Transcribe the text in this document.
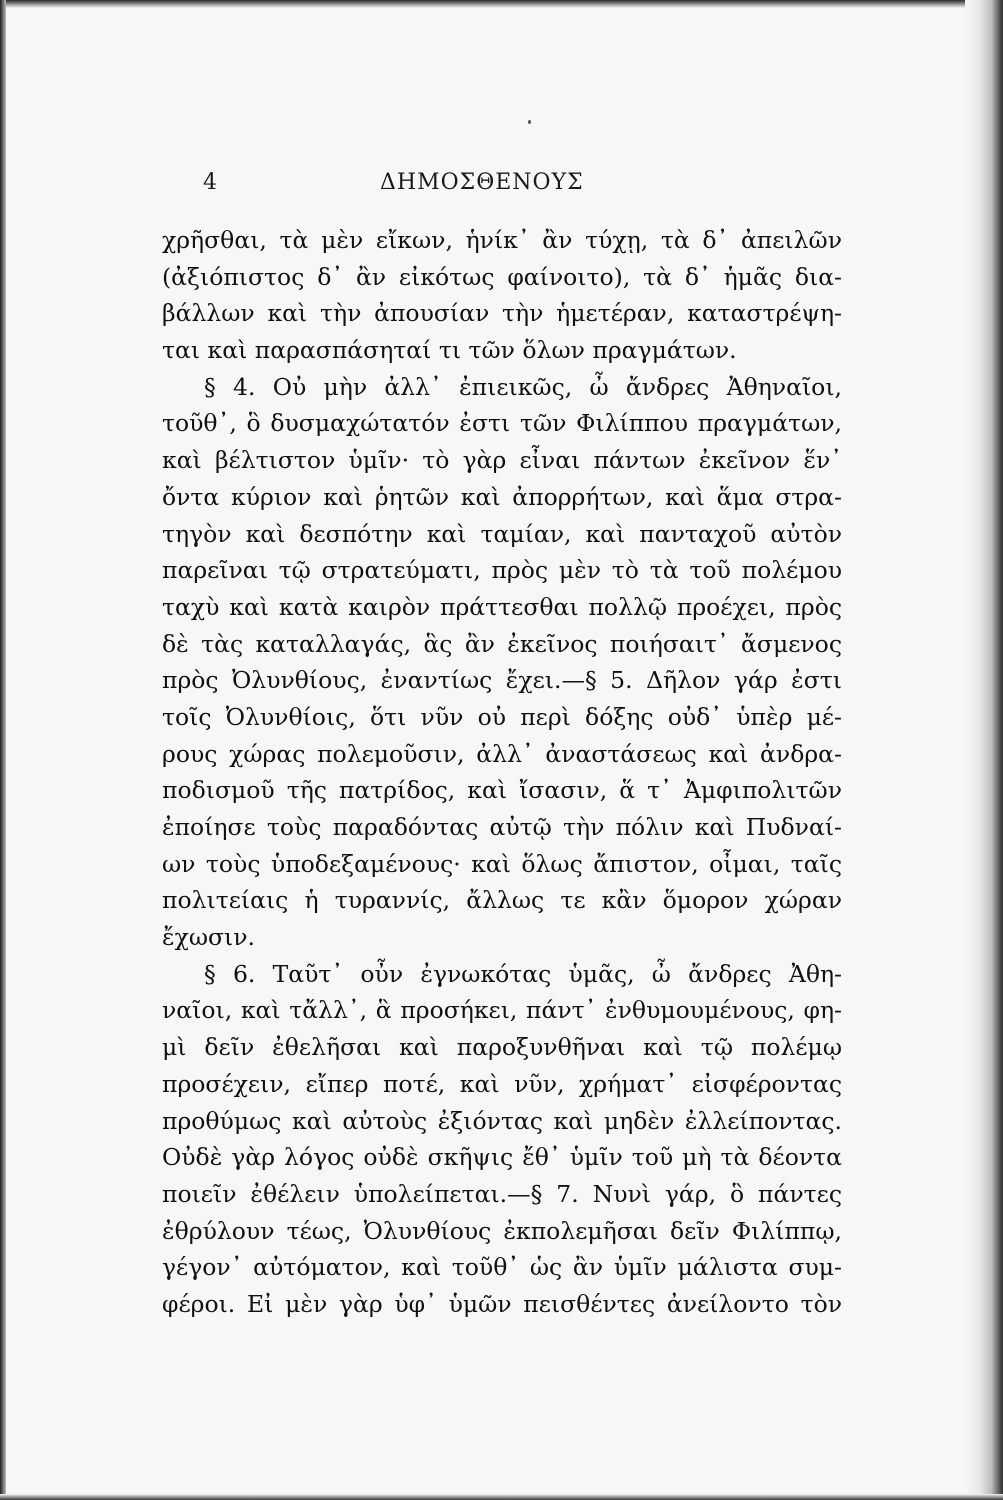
4	ΔΗΜΟΣΘΕΝΟΥΣ
χρῆσθαι, τὰ μὲν εἴκων, ἡνίκ᾽ ἂν τύχῃ, τὰ δ᾽ ἀπειλῶν
(ἀξιόπιστος δ᾽ ἂν εἰκότως φαίνοιτο), τὰ δ᾽ ἡμᾶς δια-
βάλλων καὶ τὴν ἀπουσίαν τὴν ἡμετέραν, καταστρέψη-
ται καὶ παρασπάσηταί τι τῶν ὅλων πραγμάτων.
§ 4. Οὐ μὴν ἀλλ᾽ ἐπιεικῶς, ὦ ἄνδρες Ἀθηναῖοι,
τοῦθ᾽, ὃ δυσμαχώτατόν ἐστι τῶν Φιλίππου πραγμάτων,
καὶ βέλτιστον ὑμῖν· τὸ γὰρ εἶναι πάντων ἐκεῖνον ἕν᾽
ὄντα κύριον καὶ ῥητῶν καὶ ἀπορρήτων, καὶ ἅμα στρα-
τηγὸν καὶ δεσπότην καὶ ταμίαν, καὶ πανταχοῦ αὐτὸν
παρεῖναι τῷ στρατεύματι, πρὸς μὲν τὸ τὰ τοῦ πολέμου
ταχὺ καὶ κατὰ καιρὸν πράττεσθαι πολλῷ προέχει, πρὸς
δὲ τὰς καταλλαγάς, ἃς ἂν ἐκεῖνος ποιήσαιτ᾽ ἄσμενος
πρὸς Ὀλυνθίους, ἐναντίως ἔχει.—§ 5. Δῆλον γάρ ἐστι
τοῖς Ὀλυνθίοις, ὅτι νῦν οὐ περὶ δόξης οὐδ᾽ ὑπὲρ μέ-
ρους χώρας πολεμοῦσιν, ἀλλ᾽ ἀναστάσεως καὶ ἀνδρα-
ποδισμοῦ τῆς πατρίδος, καὶ ἴσασιν, ἅ τ᾽ Ἀμφιπολιτῶν
ἐποίησε τοὺς παραδόντας αὐτῷ τὴν πόλιν καὶ Πυδναί-
ων τοὺς ὑποδεξαμένους· καὶ ὅλως ἄπιστον, οἶμαι, ταῖς
πολιτείαις ἡ τυραννίς, ἄλλως τε κἂν ὅμορον χώραν
ἔχωσιν.
§ 6. Ταῦτ᾽ οὖν ἐγνωκότας ὑμᾶς, ὦ ἄνδρες Ἀθη-
ναῖοι, καὶ τἄλλ᾽, ἃ προσήκει, πάντ᾽ ἐνθυμουμένους, φη-
μὶ δεῖν ἐθελῆσαι καὶ παροξυνθῆναι καὶ τῷ πολέμῳ
προσέχειν, εἴπερ ποτέ, καὶ νῦν, χρήματ᾽ εἰσφέροντας
προθύμως καὶ αὐτοὺς ἐξιόντας καὶ μηδὲν ἐλλείποντας.
Οὐδὲ γὰρ λόγος οὐδὲ σκῆψις ἔθ᾽ ὑμῖν τοῦ μὴ τὰ δέοντα
ποιεῖν ἐθέλειν ὑπολείπεται.—§ 7. Νυνὶ γάρ, ὃ πάντες
ἐθρύλουν τέως, Ὀλυνθίους ἐκπολεμῆσαι δεῖν Φιλίππῳ,
γέγον᾽ αὐτόματον, καὶ τοῦθ᾽ ὡς ἂν ὑμῖν μάλιστα συμ-
φέροι. Εἰ μὲν γὰρ ὑφ᾽ ὑμῶν πεισθέντες ἀνείλοντο τὸν
